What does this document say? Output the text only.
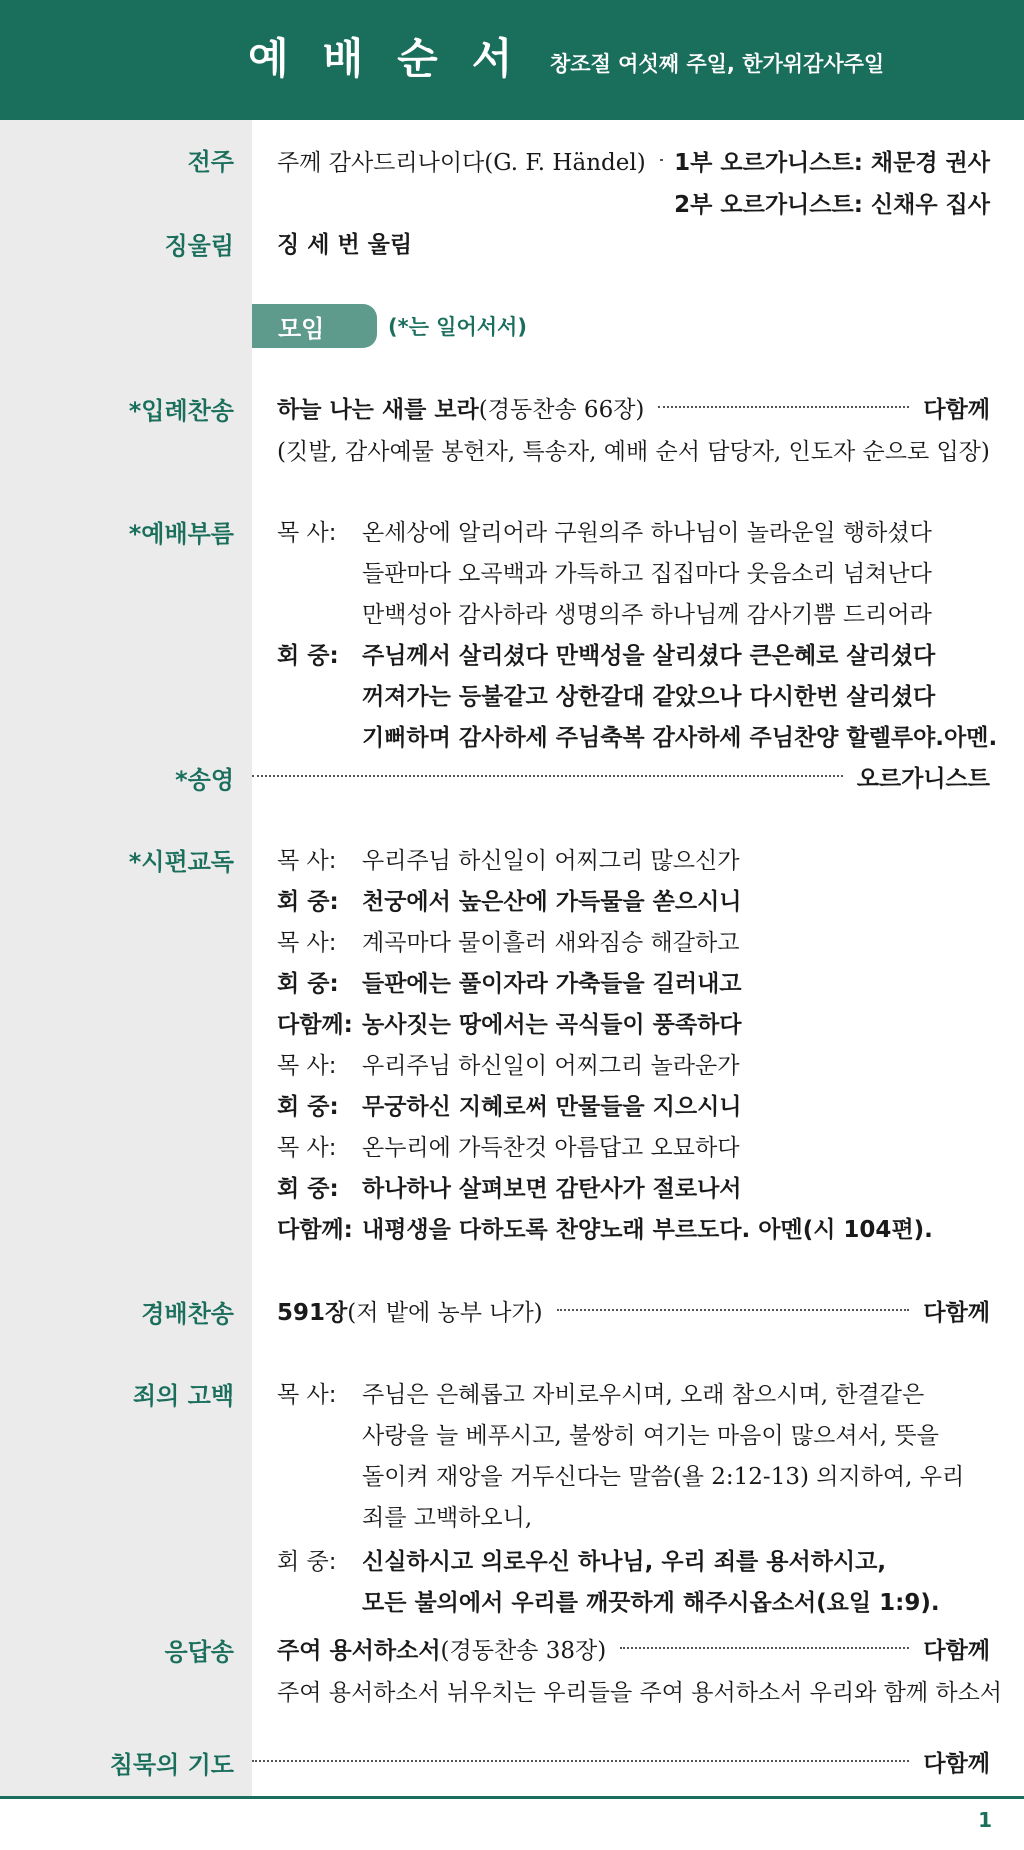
예배순서 창조절 여섯째 주일, 한가위감사주일
전주 주께 감사드리나이다(G. F. Händel) 1부 오르가니스트: 채문경 권사
2부 오르가니스트: 신채우 집사
징울림 징 세 번 울림
모임	(*는 일어서서)
*입례찬송 하늘 나는 새를 보라 (경동찬송 66장)	다함께
(깃발, 감사예물 봉헌자, 특송자, 예배 순서 담당자, 인도자 순으로 입장)
*예배부름 목 사:	온세상에 알리어라 구원의주 하나님이 놀라운일 행하셨다
들판마다 오곡백과 가득하고 집집마다 웃음소리 넘쳐난다
만백성아 감사하라 생명의주 하나님께 감사기쁨 드리어라
회 중:	주님께서 살리셨다 만백성을 살리셨다 큰은혜로 살리셨다
꺼져가는 등불같고 상한갈대 같았으나 다시한번 살리셨다
기뻐하며 감사하세 주님축복 감사하세 주님찬양 할렐루야.아멘.
*송영	오르가니스트
*시편교독 목 사:	우리주님 하신일이 어찌그리 많으신가
회 중:	천궁에서 높은산에 가득물을 쏟으시니
목 사:	계곡마다 물이흘러 새와짐승 해갈하고
회 중:	들판에는 풀이자라 가축들을 길러내고
다함께: 농사짓는 땅에서는 곡식들이 풍족하다
목 사:	우리주님 하신일이 어찌그리 놀라운가
회 중:	무궁하신 지혜로써 만물들을 지으시니
목 사:	온누리에 가득찬것 아름답고 오묘하다
회 중:	하나하나 살펴보면 감탄사가 절로나서
다함께: 내평생을 다하도록 찬양노래 부르도다. 아멘(시 104편).
경배찬송 591장 (저 밭에 농부 나가)	다함께
죄의 고백 목 사:	주님은 은혜롭고 자비로우시며, 오래 참으시며, 한결같은
사랑을 늘 베푸시고, 불쌍히 여기는 마음이 많으셔서, 뜻을
돌이켜 재앙을 거두신다는 말씀(욜 2:12-13) 의지하여, 우리
죄를 고백하오니,
회 중:	신실하시고 의로우신 하나님, 우리 죄를 용서하시고,
모든 불의에서 우리를 깨끗하게 해주시옵소서(요일 1:9).
응답송 주여 용서하소서 (경동찬송 38장)	다함께
주여 용서하소서 뉘우치는 우리들을 주여 용서하소서 우리와 함께 하소서
침묵의 기도	다함께
1
